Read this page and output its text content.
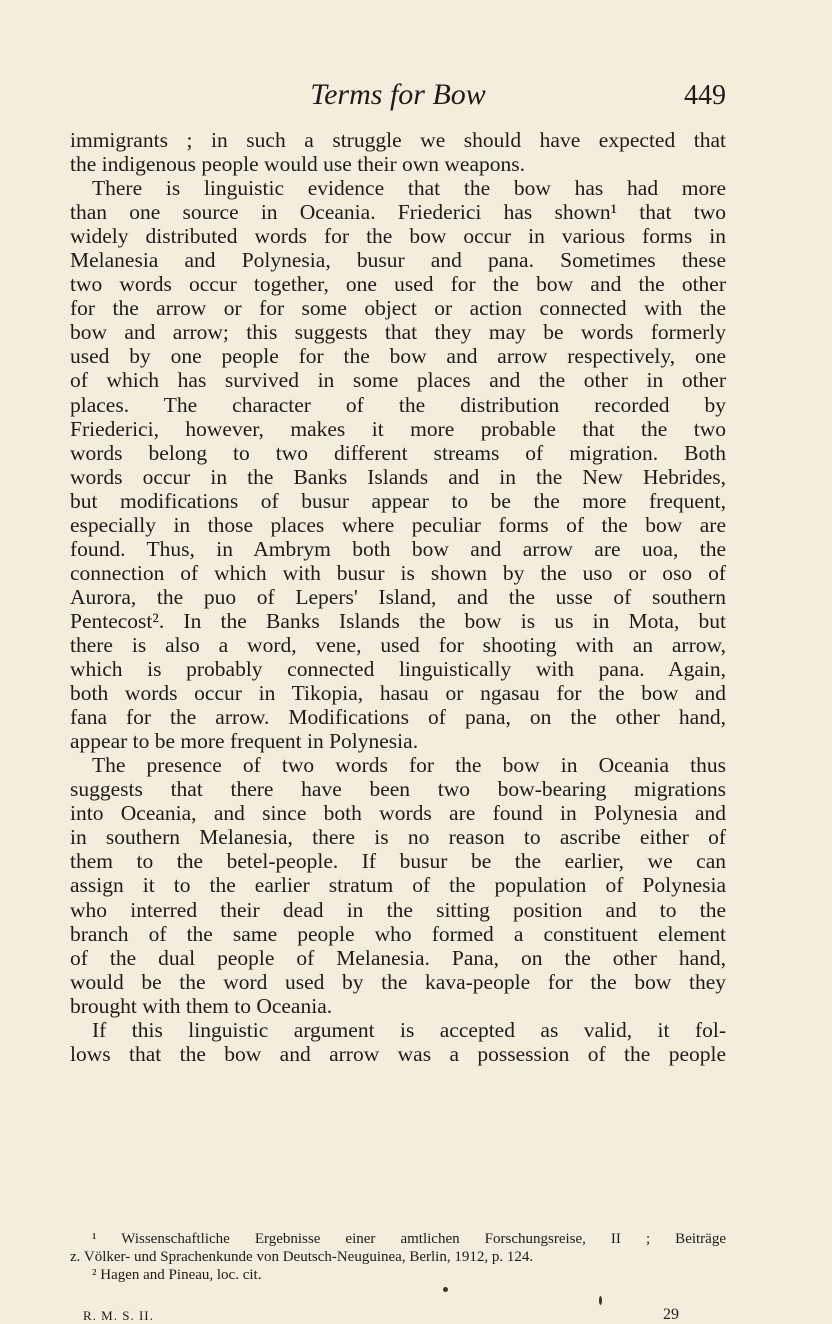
Terms for Bow	449
immigrants ; in such a struggle we should have expected that
the indigenous people would use their own weapons.
There is linguistic evidence that the bow has had more
than one source in Oceania. Friederici has shown¹ that two
widely distributed words for the bow occur in various forms in
Melanesia and Polynesia, busur and pana. Sometimes these
two words occur together, one used for the bow and the other
for the arrow or for some object or action connected with the
bow and arrow; this suggests that they may be words formerly
used by one people for the bow and arrow respectively, one
of which has survived in some places and the other in other
places. The character of the distribution recorded by
Friederici, however, makes it more probable that the two
words belong to two different streams of migration. Both
words occur in the Banks Islands and in the New Hebrides,
but modifications of busur appear to be the more frequent,
especially in those places where peculiar forms of the bow are
found. Thus, in Ambrym both bow and arrow are uoa, the
connection of which with busur is shown by the uso or oso of
Aurora, the puo of Lepers' Island, and the usse of southern
Pentecost². In the Banks Islands the bow is us in Mota, but
there is also a word, vene, used for shooting with an arrow,
which is probably connected linguistically with pana. Again,
both words occur in Tikopia, hasau or ngasau for the bow and
fana for the arrow. Modifications of pana, on the other hand,
appear to be more frequent in Polynesia.
The presence of two words for the bow in Oceania thus
suggests that there have been two bow-bearing migrations
into Oceania, and since both words are found in Polynesia and
in southern Melanesia, there is no reason to ascribe either of
them to the betel-people. If busur be the earlier, we can
assign it to the earlier stratum of the population of Polynesia
who interred their dead in the sitting position and to the
branch of the same people who formed a constituent element
of the dual people of Melanesia. Pana, on the other hand,
would be the word used by the kava-people for the bow they
brought with them to Oceania.
If this linguistic argument is accepted as valid, it fol-
lows that the bow and arrow was a possession of the people
¹ Wissenschaftliche Ergebnisse einer amtlichen Forschungsreise, II ; Beiträge
z. Völker- und Sprachenkunde von Deutsch-Neuguinea, Berlin, 1912, p. 124.
² Hagen and Pineau, loc. cit.
R. M. S. II.	29
